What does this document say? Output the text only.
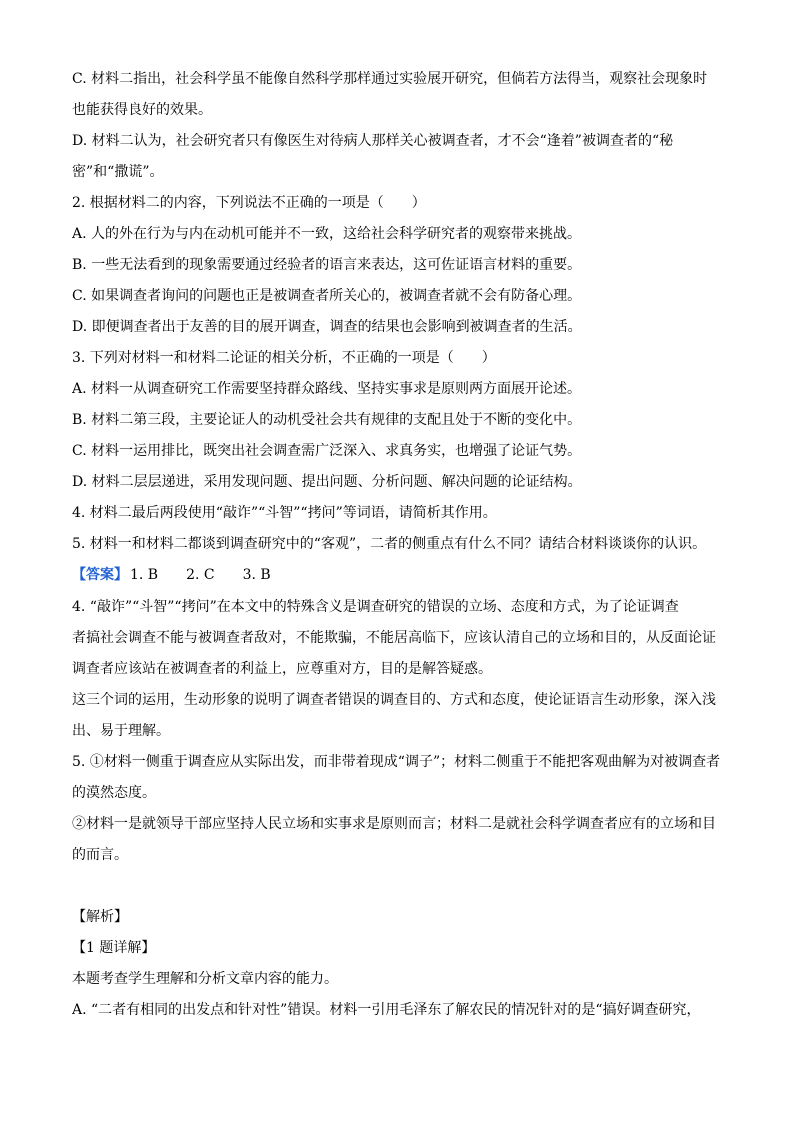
C. 材料二指出，社会科学虽不能像自然科学那样通过实验展开研究，但倘若方法得当，观察社会现象时
也能获得良好的效果。
D. 材料二认为，社会研究者只有像医生对待病人那样关心被调查者，才不会“逢着”被调查者的“秘
密”和“撒谎”。
2. 根据材料二的内容，下列说法不正确的一项是（　　）
A. 人的外在行为与内在动机可能并不一致，这给社会科学研究者的观察带来挑战。
B. 一些无法看到的现象需要通过经验者的语言来表达，这可佐证语言材料的重要。
C. 如果调查者询问的问题也正是被调查者所关心的，被调查者就不会有防备心理。
D. 即便调查者出于友善的目的展开调查，调查的结果也会影响到被调查者的生活。
3. 下列对材料一和材料二论证的相关分析，不正确的一项是（　　）
A. 材料一从调查研究工作需要坚持群众路线、坚持实事求是原则两方面展开论述。
B. 材料二第三段，主要论证人的动机受社会共有规律的支配且处于不断的变化中。
C. 材料一运用排比，既突出社会调查需广泛深入、求真务实，也增强了论证气势。
D. 材料二层层递进，采用发现问题、提出问题、分析问题、解决问题的论证结构。
4. 材料二最后两段使用“敲诈”“斗智”“拷问”等词语，请简析其作用。
5. 材料一和材料二都谈到调查研究中的“客观”，二者的侧重点有什么不同？请结合材料谈谈你的认识。
【答案】 1. B　　2. C　　3. B
4. “敲诈”“斗智”“拷问”在本文中的特殊含义是调查研究的错误的立场、态度和方式，为了论证调查
者搞社会调查不能与被调查者敌对，不能欺骗，不能居高临下，应该认清自己的立场和目的，从反面论证
调查者应该站在被调查者的利益上，应尊重对方，目的是解答疑惑。
这三个词的运用，生动形象的说明了调查者错误的调查目的、方式和态度，使论证语言生动形象，深入浅
出、易于理解。
5. ①材料一侧重于调查应从实际出发，而非带着现成“调子”；材料二侧重于不能把客观曲解为对被调查者
的漠然态度。
②材料一是就领导干部应坚持人民立场和实事求是原则而言；材料二是就社会科学调查者应有的立场和目
的而言。
【解析】
【1 题详解】
本题考查学生理解和分析文章内容的能力。
A. “二者有相同的出发点和针对性”错误。材料一引用毛泽东了解农民的情况针对的是“搞好调查研究，
